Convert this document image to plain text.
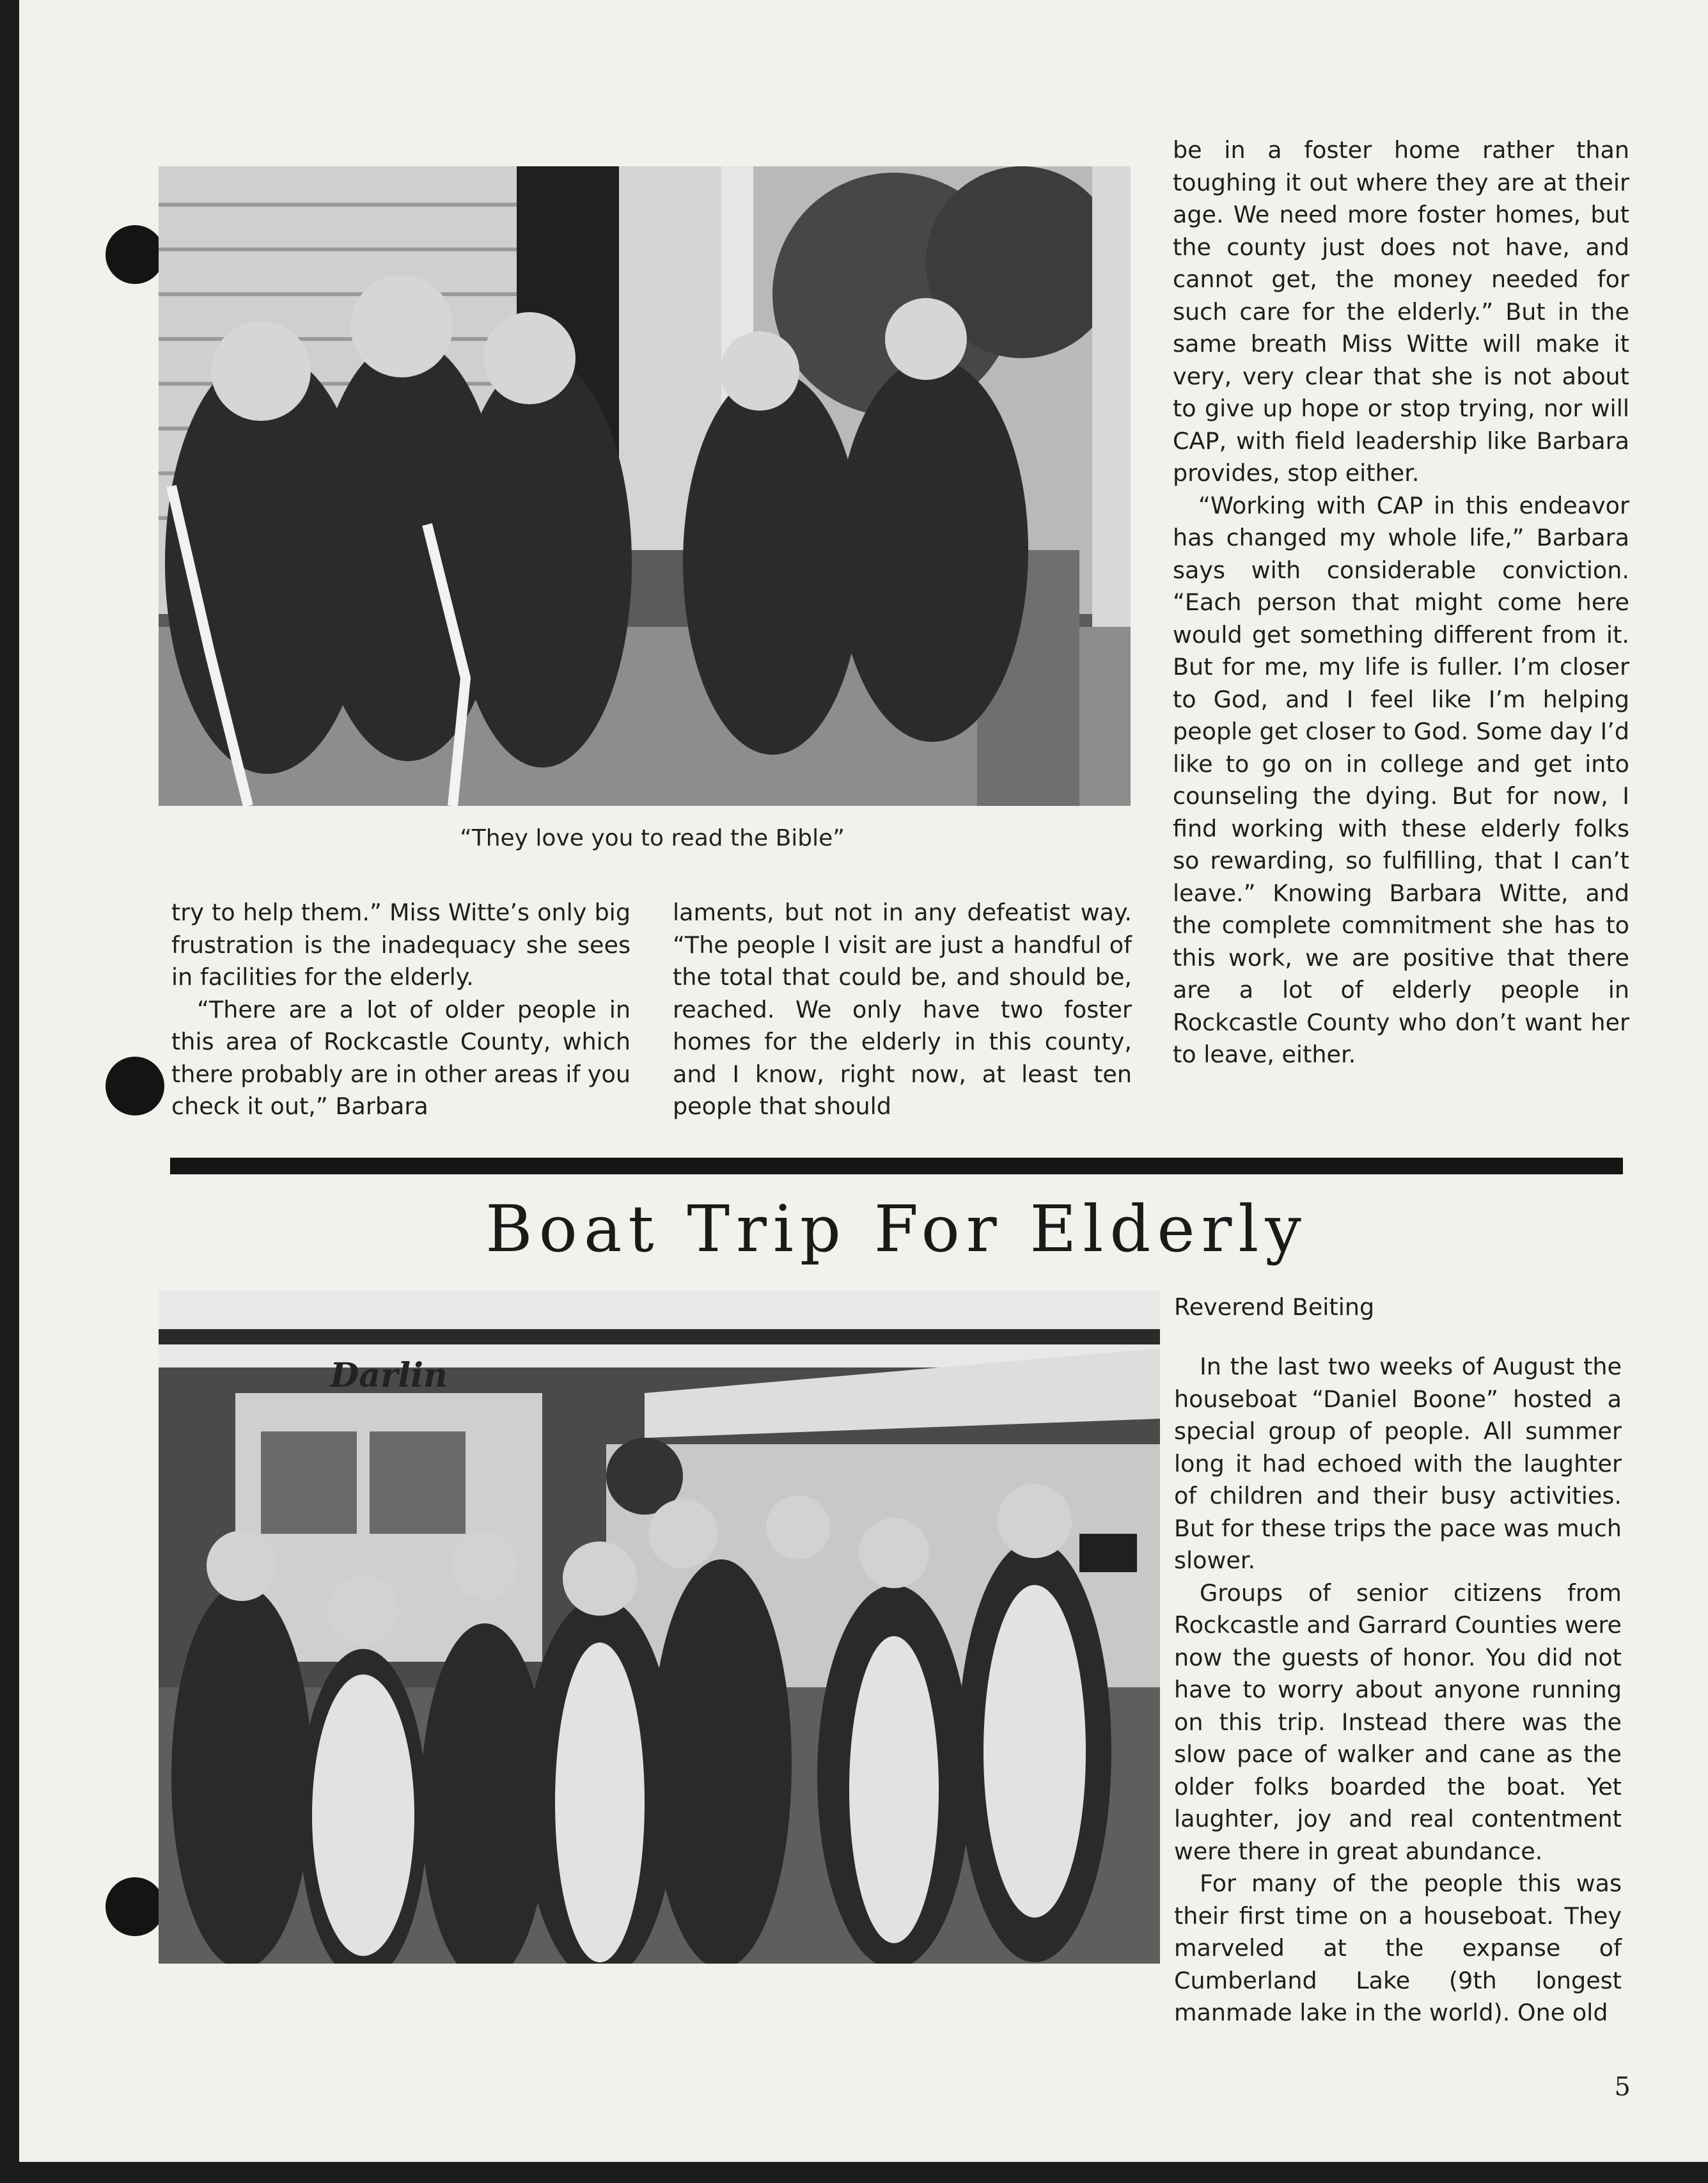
“They love you to read the Bible”

try to help them.” Miss Witte’s only big frustration is the inadequacy she sees in facilities for the elderly.

“There are a lot of older people in this area of Rockcastle County, which there probably are in other areas if you check it out,” Barbara

laments, but not in any defeatist way. “The people I visit are just a handful of the total that could be, and should be, reached. We only have two foster homes for the elderly in this county, and I know, right now, at least ten people that should

be in a foster home rather than toughing it out where they are at their age. We need more foster homes, but the county just does not have, and cannot get, the money needed for such care for the elderly.” But in the same breath Miss Witte will make it very, very clear that she is not about to give up hope or stop trying, nor will CAP, with field leadership like Barbara provides, stop either.

“Working with CAP in this endeavor has changed my whole life,” Barbara says with considerable conviction. “Each person that might come here would get something different from it. But for me, my life is fuller. I’m closer to God, and I feel like I’m helping people get closer to God. Some day I’d like to go on in college and get into counseling the dying. But for now, I find working with these elderly folks so rewarding, so fulfilling, that I can’t leave.” Knowing Barbara Witte, and the complete commitment she has to this work, we are positive that there are a lot of elderly people in Rockcastle County who don’t want her to leave, either.

Boat Trip For Elderly
Darlin
Reverend Beiting

In the last two weeks of August the houseboat “Daniel Boone” hosted a special group of people. All summer long it had echoed with the laughter of children and their busy activities. But for these trips the pace was much slower.

Groups of senior citizens from Rockcastle and Garrard Counties were now the guests of honor. You did not have to worry about anyone running on this trip. Instead there was the slow pace of walker and cane as the older folks boarded the boat. Yet laughter, joy and real contentment were there in great abundance.

For many of the people this was their first time on a houseboat. They marveled at the expanse of Cumberland Lake (9th longest manmade lake in the world). One old

5
